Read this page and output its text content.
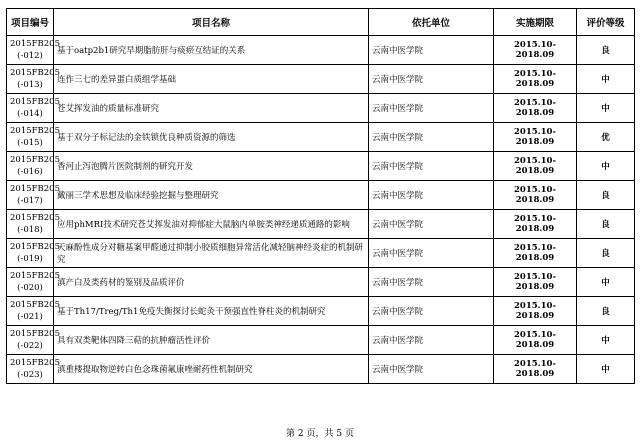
项目编号	项目名称	依托单位	实施期限	评价等级

2015FB205
(-012)	基于oatp2b1研究早期脂肪肝与痰瘀互结证的关系	云南中医学院	2015.10-2018.09	良

2015FB205
(-013)	连作三七的差异蛋白质组学基础	云南中医学院	2015.10-2018.09	中

2015FB205
(-014)	苍艾挥发油的质量标准研究	云南中医学院	2015.10-2018.09	中

2015FB205
(-015)	基于双分子标记法的金铁锁优良种质资源的筛选	云南中医学院	2015.10-2018.09	优

2015FB205
(-016)	香河止泻泡腾片医院制剂的研究开发	云南中医学院	2015.10-2018.09	中

2015FB205
(-017)	戴丽三学术思想及临床经验挖掘与整理研究	云南中医学院	2015.10-2018.09	良

2015FB205
(-018)	应用phMRI技术研究苍艾挥发油对抑郁症大鼠脑内单胺类神经递质通路的影响	云南中医学院	2015.10-2018.09	良

2015FB205
(-019)	天麻酚性成分对糖基案甲醛通过抑制小胶质细胞异常活化减轻脑神经炎症的机制研究	云南中医学院	2015.10-2018.09	良

2015FB205
(-020)	滇产白及类药材的鉴别及品质评价	云南中医学院	2015.10-2018.09	中

2015FB205
(-021)	基于Th17/Treg/Th1免疫失衡探讨长蛇灸干预强直性脊柱炎的机制研究	云南中医学院	2015.10-2018.09	良

2015FB205
(-022)	具有双类靶体四降三萜的抗肿瘤活性评价	云南中医学院	2015.10-2018.09	中

2015FB205
(-023)	滇重楼提取物逆转白色念珠菌氟康唑耐药性机制研究	云南中医学院	2015.10-2018.09	中
第 2 页，共 5 页
